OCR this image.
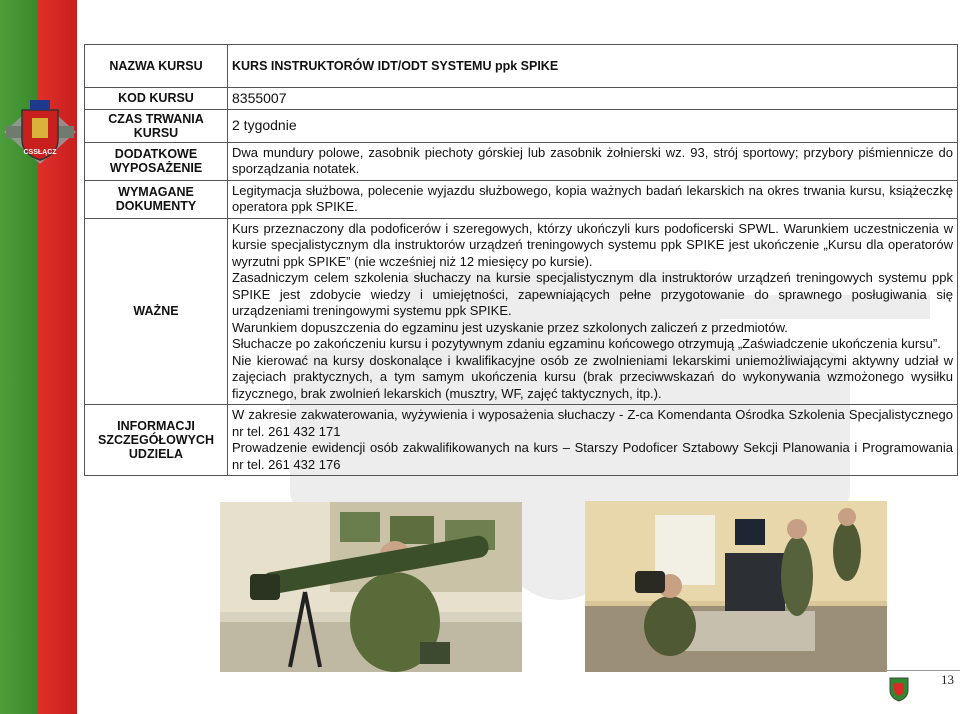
CSSŁĄCZ
NAZWA KURSU	KURS INSTRUKTORÓW IDT/ODT SYSTEMU ppk SPIKE
KOD KURSU	8355007
CZAS TRWANIA KURSU	2 tygodnie
DODATKOWE WYPOSAŻENIE	Dwa mundury polowe, zasobnik piechoty górskiej lub zasobnik żołnierski wz. 93, strój sportowy; przybory piśmiennicze do sporządzania notatek.
WYMAGANE DOKUMENTY	Legitymacja służbowa, polecenie wyjazdu służbowego, kopia ważnych badań lekarskich na okres trwania kursu, książeczkę operatora ppk SPIKE.
WAŻNE	Kurs przeznaczony dla podoficerów i szeregowych, którzy ukończyli kurs podoficerski SPWL. Warunkiem uczestniczenia w kursie specjalistycznym dla instruktorów urządzeń treningowych systemu ppk SPIKE jest ukończenie „Kursu dla operatorów wyrzutni ppk SPIKE” (nie wcześniej niż 12 miesięcy po kursie).

Zasadniczym celem szkolenia słuchaczy na kursie specjalistycznym dla instruktorów urządzeń treningowych systemu ppk SPIKE jest zdobycie wiedzy i umiejętności, zapewniających pełne przygotowanie do sprawnego posługiwania się urządzeniami treningowymi systemu ppk SPIKE.

Warunkiem dopuszczenia do egzaminu jest uzyskanie przez szkolonych zaliczeń z przedmiotów.

Słuchacze po zakończeniu kursu i pozytywnym zdaniu egzaminu końcowego otrzymują „Zaświadczenie ukończenia kursu”.

Nie kierować na kursy doskonalące i kwalifikacyjne osób ze zwolnieniami lekarskimi uniemożliwiającymi aktywny udział w zajęciach praktycznych, a tym samym ukończenia kursu (brak przeciwwskazań do wykonywania wzmożonego wysiłku fizycznego, brak zwolnień lekarskich (musztry, WF, zajęć taktycznych, itp.).

INFORMACJI SZCZEGÓŁOWYCH UDZIELA	W zakresie zakwaterowania, wyżywienia i wyposażenia słuchaczy - Z-ca Komendanta Ośrodka Szkolenia Specjalistycznego nr tel. 261 432 171

Prowadzenie ewidencji osób zakwalifikowanych na kurs – Starszy Podoficer Sztabowy Sekcji Planowania i Programowania nr tel. 261 432 176

13
